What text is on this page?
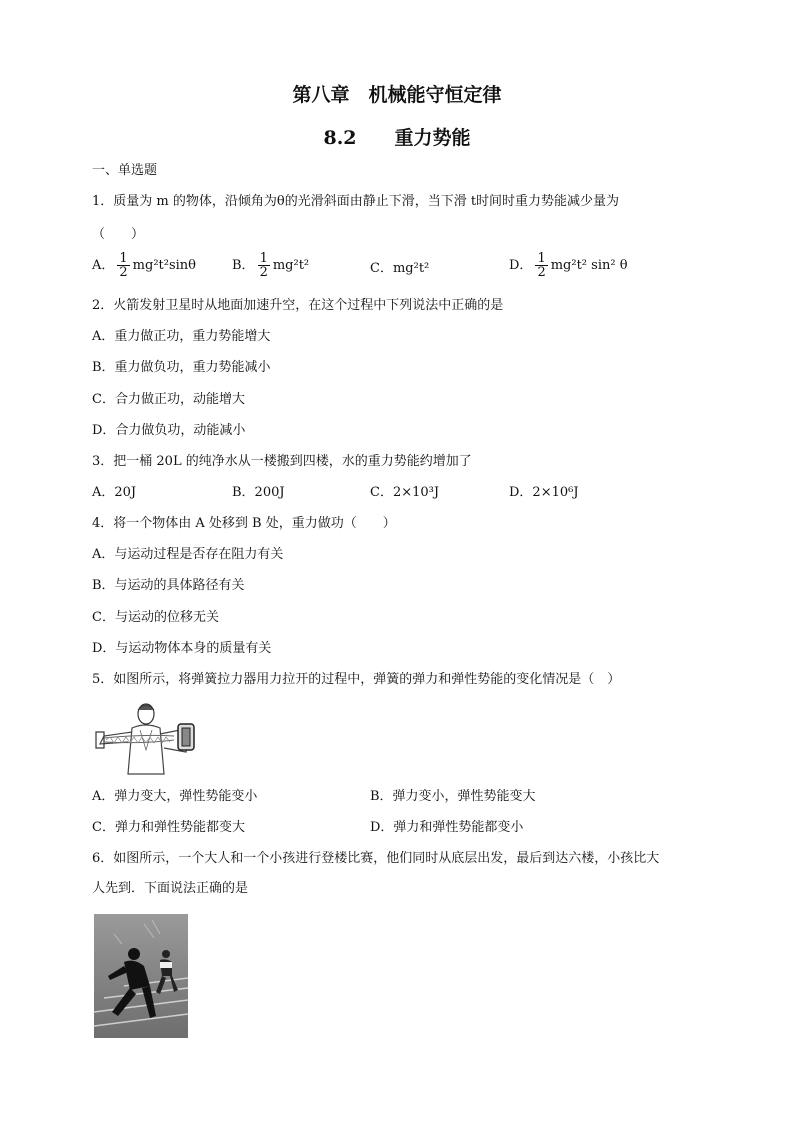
第八章　机械能守恒定律
8.2　　重力势能
一、单选题
1．质量为 m 的物体，沿倾角为θ的光滑斜面由静止下滑，当下滑 t时间时重力势能减少量为
（　　）
A． $\frac{1}{2} mg^2t^2\sin\theta$	B． $\frac{1}{2} mg^2t^2$	C．mg²t²	D． $\frac{1}{2} mg^2t^2$ sin² θ
2．火箭发射卫星时从地面加速升空，在这个过程中下列说法中正确的是
A．重力做正功，重力势能增大
B．重力做负功，重力势能减小
C．合力做正功，动能增大
D．合力做负功，动能减小
3．把一桶 20L 的纯净水从一楼搬到四楼，水的重力势能约增加了
A．20J	B．200J	C．2×10³J	D．2×10⁶J
4．将一个物体由 A 处移到 B 处，重力做功（　　）
A．与运动过程是否存在阻力有关
B．与运动的具体路径有关
C．与运动的位移无关
D．与运动物体本身的质量有关
5．如图所示，将弹簧拉力器用力拉开的过程中，弹簧的弹力和弹性势能的变化情况是（　）
A．弹力变大，弹性势能变小	B．弹力变小，弹性势能变大
C．弹力和弹性势能都变大	D．弹力和弹性势能都变小
6．如图所示，一个大人和一个小孩进行登楼比赛，他们同时从底层出发，最后到达六楼，小孩比大
人先到．下面说法正确的是
